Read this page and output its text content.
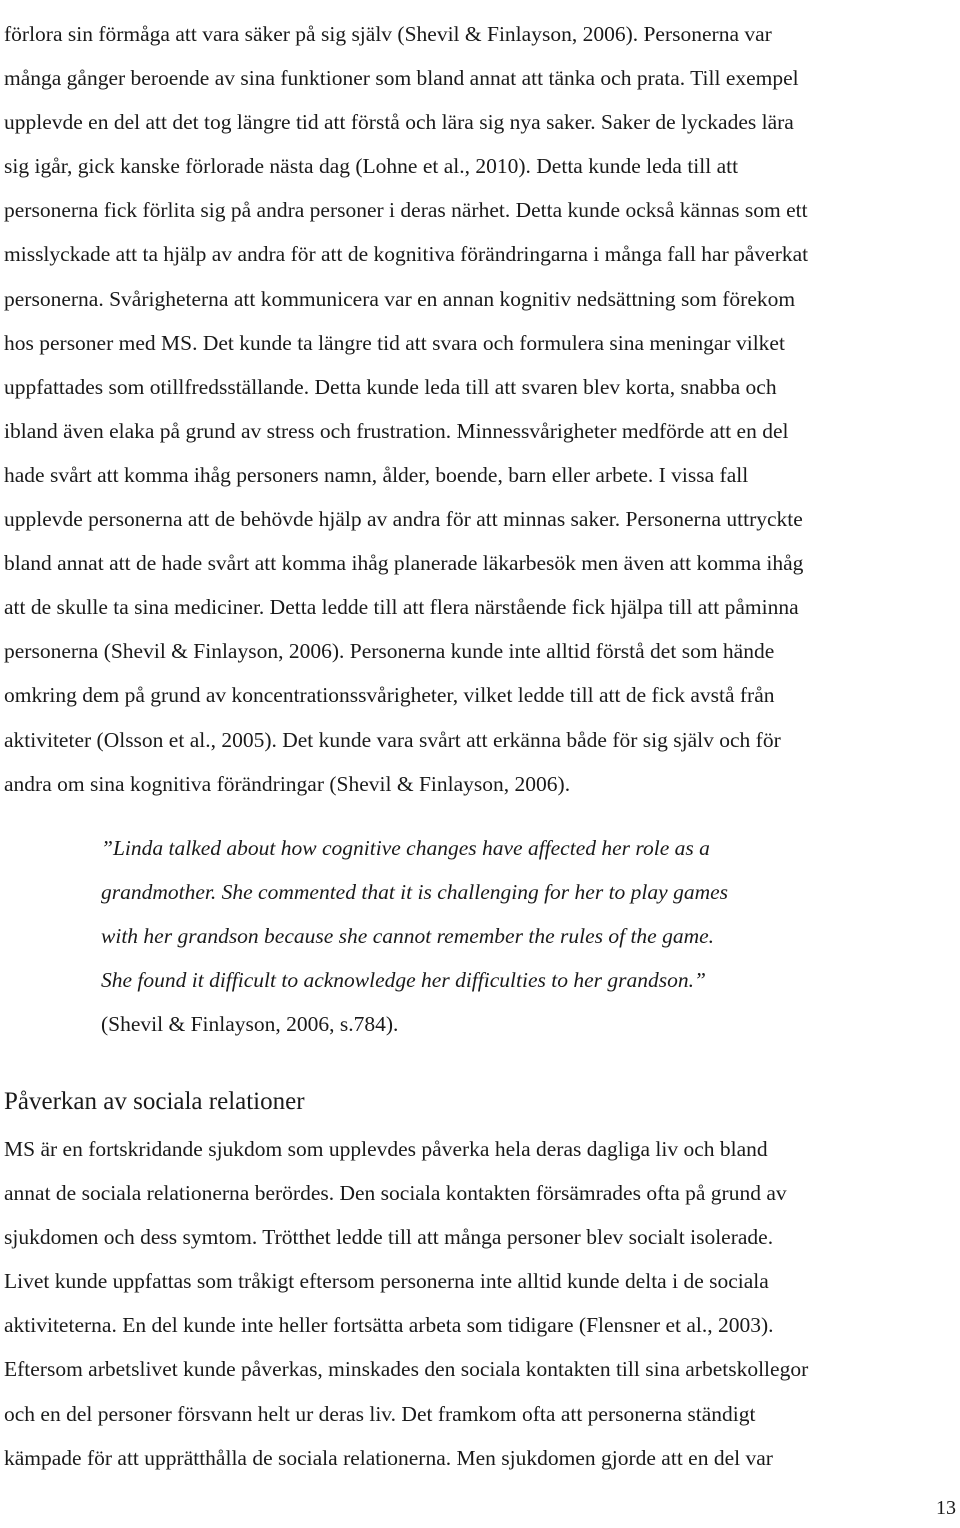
förlora sin förmåga att vara säker på sig själv (Shevil & Finlayson, 2006). Personerna var
många gånger beroende av sina funktioner som bland annat att tänka och prata. Till exempel
upplevde en del att det tog längre tid att förstå och lära sig nya saker. Saker de lyckades lära
sig igår, gick kanske förlorade nästa dag (Lohne et al., 2010). Detta kunde leda till att
personerna fick förlita sig på andra personer i deras närhet. Detta kunde också kännas som ett
misslyckade att ta hjälp av andra för att de kognitiva förändringarna i många fall har påverkat
personerna. Svårigheterna att kommunicera var en annan kognitiv nedsättning som förekom
hos personer med MS. Det kunde ta längre tid att svara och formulera sina meningar vilket
uppfattades som otillfredsställande. Detta kunde leda till att svaren blev korta, snabba och
ibland även elaka på grund av stress och frustration. Minnessvårigheter medförde att en del
hade svårt att komma ihåg personers namn, ålder, boende, barn eller arbete. I vissa fall
upplevde personerna att de behövde hjälp av andra för att minnas saker. Personerna uttryckte
bland annat att de hade svårt att komma ihåg planerade läkarbesök men även att komma ihåg
att de skulle ta sina mediciner. Detta ledde till att flera närstående fick hjälpa till att påminna
personerna (Shevil & Finlayson, 2006). Personerna kunde inte alltid förstå det som hände
omkring dem på grund av koncentrationssvårigheter, vilket ledde till att de fick avstå från
aktiviteter (Olsson et al., 2005). Det kunde vara svårt att erkänna både för sig själv och för
andra om sina kognitiva förändringar (Shevil & Finlayson, 2006).

”Linda talked about how cognitive changes have affected her role as a
grandmother. She commented that it is challenging for her to play games
with her grandson because she cannot remember the rules of the game.
She found it difficult to acknowledge her difficulties to her grandson.”
(Shevil & Finlayson, 2006, s.784).
Påverkan av sociala relationer

MS är en fortskridande sjukdom som upplevdes påverka hela deras dagliga liv och bland
annat de sociala relationerna berördes. Den sociala kontakten försämrades ofta på grund av
sjukdomen och dess symtom. Trötthet ledde till att många personer blev socialt isolerade.
Livet kunde uppfattas som tråkigt eftersom personerna inte alltid kunde delta i de sociala
aktiviteterna. En del kunde inte heller fortsätta arbeta som tidigare (Flensner et al., 2003).
Eftersom arbetslivet kunde påverkas, minskades den sociala kontakten till sina arbetskollegor
och en del personer försvann helt ur deras liv. Det framkom ofta att personerna ständigt
kämpade för att upprätthålla de sociala relationerna. Men sjukdomen gjorde att en del var

13
